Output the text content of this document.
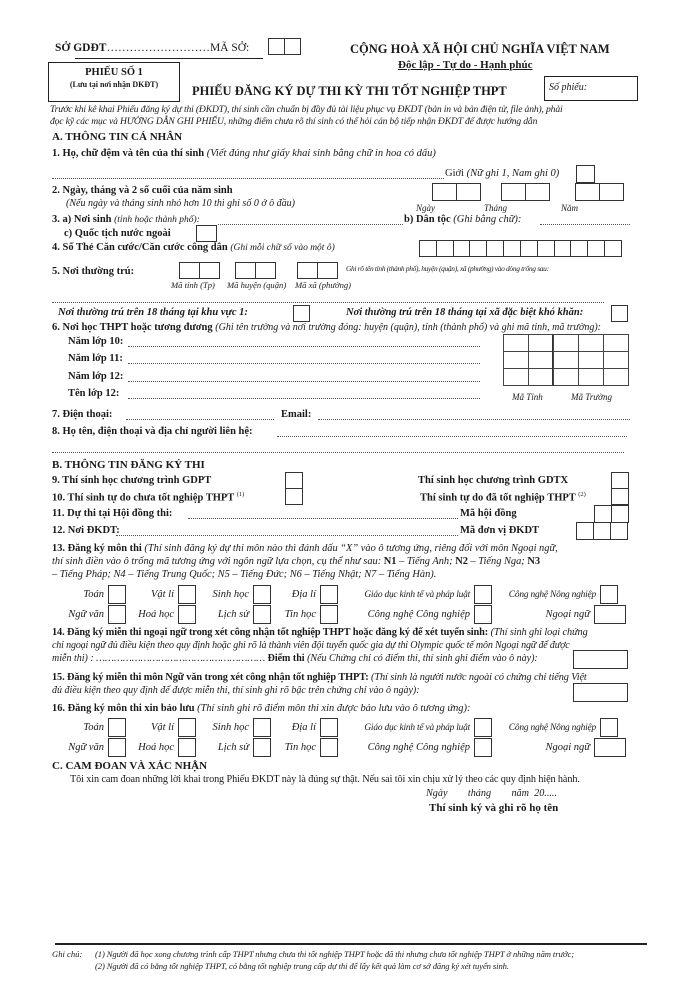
SỞ GDĐT………………………MÃ SỞ:	CỘNG HOÀ XÃ HỘI CHỦ NGHĨA VIỆT NAM
Độc lập - Tự do - Hạnh phúc
PHIẾU SỐ 1
(Lưu tại nơi nhận DKĐT)	PHIẾU ĐĂNG KÝ DỰ THI KỲ THI TỐT NGHIỆP THPT	Số phiếu:
Trước khi kê khai Phiếu đăng ký dự thi (ĐKDT), thí sinh cần chuẩn bị đầy đủ tài liệu phục vụ ĐKDT (bản in và bản điện tử, file ảnh), phải
đọc kỹ các mục và HƯỚNG DẪN GHI PHIẾU, những điểm chưa rõ thí sinh có thể hỏi cán bộ tiếp nhận ĐKDT để được hướng dẫn
A. THÔNG TIN CÁ NHÂN
1. Họ, chữ đệm và tên của thí sinh (Viết đúng như giấy khai sinh bằng chữ in hoa có dấu)
Giới (Nữ ghi 1, Nam ghi 0)
2. Ngày, tháng và 2 số cuối của năm sinh
(Nếu ngày và tháng sinh nhỏ hơn 10 thì ghi số 0 ở ô đầu)	Ngày	Tháng	Năm
3. a) Nơi sinh (tỉnh hoặc thành phố):	b) Dân tộc (Ghi bằng chữ):
c) Quốc tịch nước ngoài
4. Số Thẻ Căn cước/Căn cước công dân (Ghi mỗi chữ số vào một ô)
5. Nơi thường trú:	Ghi rõ tên tỉnh (thành phố), huyện (quận), xã (phường) vào dòng trống sau:
Mã tỉnh (Tp) Mã huyện (quận) Mã xã (phường)
Nơi thường trú trên 18 tháng tại khu vực 1:	Nơi thường trú trên 18 tháng tại xã đặc biệt khó khăn:
6. Nơi học THPT hoặc tương đương (Ghi tên trường và nơi trường đóng: huyện (quận), tỉnh (thành phố) và ghi mã tỉnh, mã trường):
Năm lớp 10:
Năm lớp 11:
Năm lớp 12:
Tên lớp 12:	Mã Tỉnh	Mã Trường
7. Điện thoại:	Email:
8. Họ tên, điện thoại và địa chỉ người liên hệ:
B. THÔNG TIN ĐĂNG KÝ THI
9. Thí sinh học chương trình GDPT	Thí sinh học chương trình GDTX
10. Thí sinh tự do chưa tốt nghiệp THPT $^{(1)}$	Thí sinh tự do đã tốt nghiệp THPT $^{(2)}$
11. Dự thi tại Hội đồng thi:	Mã hội đồng
12. Nơi ĐKDT:	Mã đơn vị ĐKDT
13. Đăng ký môn thi (Thí sinh đăng ký dự thi môn nào thì đánh dấu “X” vào ô tương ứng, riêng đối với môn Ngoại ngữ,
thí sinh điền vào ô trống mã tương ứng với ngôn ngữ lựa chọn, cụ thể như sau: N1 – Tiếng Anh; N2 – Tiếng Nga; N3
– Tiếng Pháp; N4 – Tiếng Trung Quốc; N5 – Tiếng Đức; N6 – Tiếng Nhật; N7 – Tiếng Hàn).
Toán	Vật lí	Sinh học	Địa lí	Giáo dục kinh tế và pháp luật	Công nghệ Nông nghiệp
Ngữ văn	Hoá học	Lịch sử	Tin học	Công nghệ Công nghiệp	Ngoại ngữ
14. Đăng ký miễn thi ngoại ngữ trong xét công nhận tốt nghiệp THPT hoặc đăng ký để xét tuyển sinh: (Thí sinh ghi loại chứng
chỉ ngoại ngữ đủ điều kiện theo quy định hoặc ghi rõ là thành viên đội tuyển quốc gia dự thi Olympic quốc tế môn Ngoại ngữ để được
miễn thi) : ………………………………………………… Điểm thi (Nếu Chứng chỉ có điểm thi, thí sinh ghi điểm vào ô này):
15. Đăng ký miễn thi môn Ngữ văn trong xét công nhận tốt nghiệp THPT: (Thí sinh là người nước ngoài có chứng chỉ tiếng Việt
đủ điều kiện theo quy định để được miễn thi, thí sinh ghi rõ bậc trên chứng chỉ vào ô ngày):
16. Đăng ký môn thi xin bảo lưu (Thí sinh ghi rõ điểm môn thi xin được bảo lưu vào ô tương ứng):
Toán	Vật lí	Sinh học	Địa lí	Giáo dục kinh tế và pháp luật	Công nghệ Nông nghiệp
Ngữ văn	Hoá học	Lịch sử	Tin học	Công nghệ Công nghiệp	Ngoại ngữ
C. CAM ĐOAN VÀ XÁC NHẬN
Tôi xin cam đoan những lời khai trong Phiếu ĐKDT này là đúng sự thật. Nếu sai tôi xin chịu xử lý theo các quy định hiện hành.
Ngày        tháng        năm  20.....
Thí sinh ký và ghi rõ họ tên
Ghi chú: (1) Người đã học xong chương trình cấp THPT nhưng chưa thi tốt nghiệp THPT hoặc đã thi nhưng chưa tốt nghiệp THPT ở những năm trước;
(2) Người đã có bằng tốt nghiệp THPT, có bằng tốt nghiệp trung cấp dự thi để lấy kết quả làm cơ sở đăng ký xét tuyển sinh.
